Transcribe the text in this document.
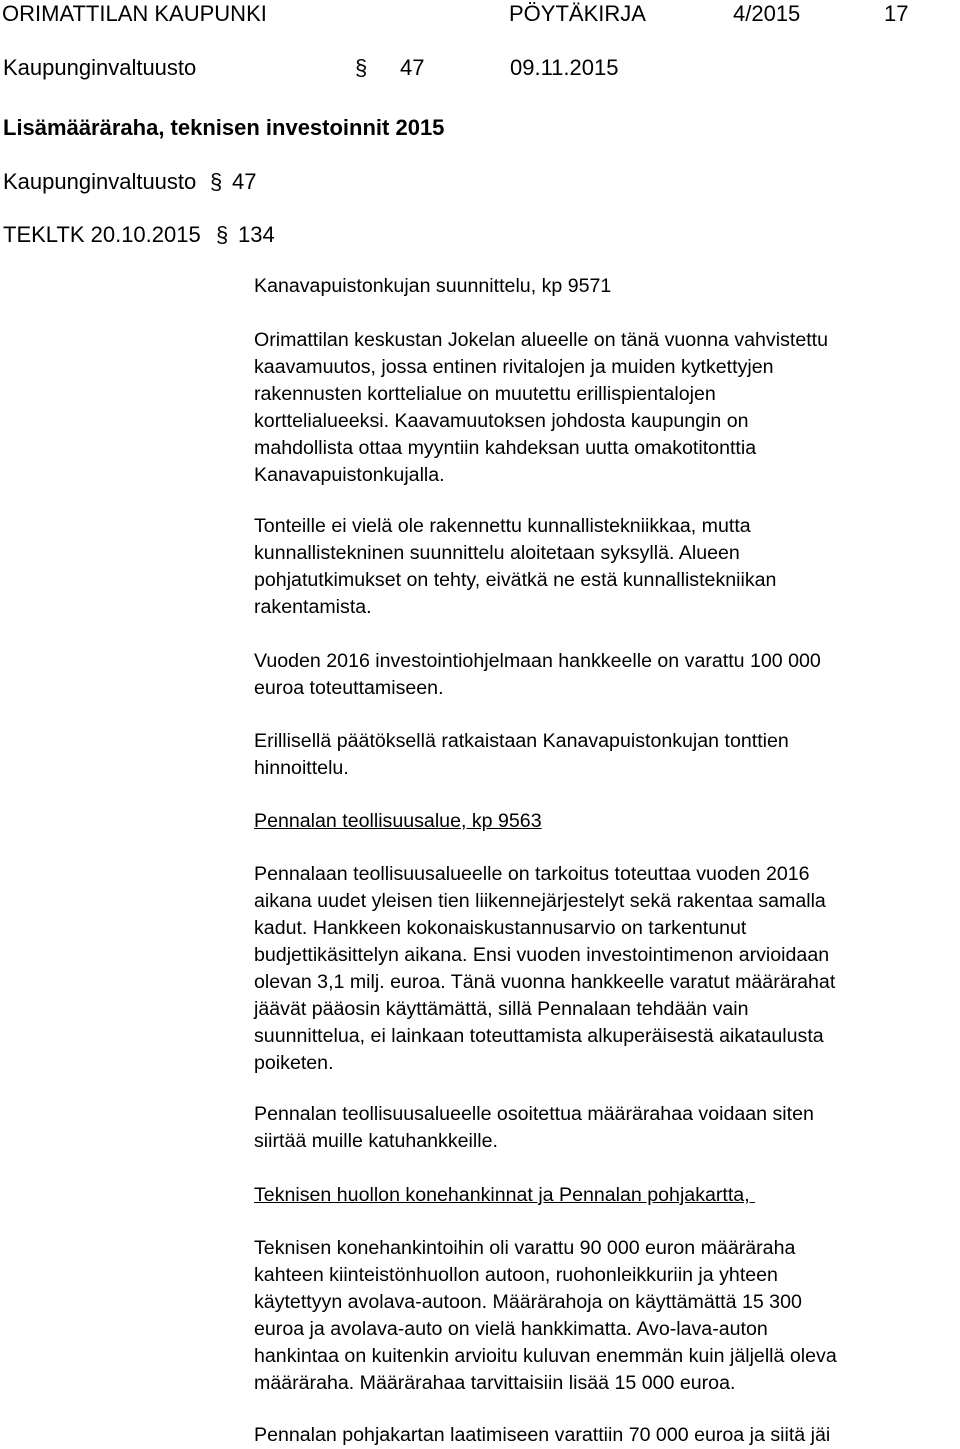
ORIMATTILAN KAUPUNKI	PÖYTÄKIRJA	4/2015	17
Kaupunginvaltuusto	§ 47	09.11.2015
Lisämääräraha, teknisen investoinnit 2015
Kaupunginvaltuusto § 47
TEKLTK 20.10.2015 § 134

Kanavapuistonkujan suunnittelu, kp 9571

Orimattilan keskustan Jokelan alueelle on tänä vuonna vahvistettu
kaavamuutos, jossa entinen rivitalojen ja muiden kytkettyjen
rakennusten korttelialue on muutettu erillispientalojen
korttelialueeksi. Kaavamuutoksen johdosta kaupungin on
mahdollista ottaa myyntiin kahdeksan uutta omakotitonttia
Kanavapuistonkujalla.

Tonteille ei vielä ole rakennettu kunnallistekniikkaa, mutta
kunnallistekninen suunnittelu aloitetaan syksyllä. Alueen
pohjatutkimukset on tehty, eivätkä ne estä kunnallistekniikan
rakentamista.

Vuoden 2016 investointiohjelmaan hankkeelle on varattu 100 000
euroa toteuttamiseen.

Erillisellä päätöksellä ratkaistaan Kanavapuistonkujan tonttien
hinnoittelu.

Pennalan teollisuusalue, kp 9563

Pennalaan teollisuusalueelle on tarkoitus toteuttaa vuoden 2016
aikana uudet yleisen tien liikennejärjestelyt sekä rakentaa samalla
kadut. Hankkeen kokonaiskustannusarvio on tarkentunut
budjettikäsittelyn aikana. Ensi vuoden investointimenon arvioidaan
olevan 3,1 milj. euroa. Tänä vuonna hankkeelle varatut määrärahat
jäävät pääosin käyttämättä, sillä Pennalaan tehdään vain
suunnittelua, ei lainkaan toteuttamista alkuperäisestä aikataulusta
poiketen.

Pennalan teollisuusalueelle osoitettua määrärahaa voidaan siten
siirtää muille katuhankkeille.

Teknisen huollon konehankinnat ja Pennalan pohjakartta,

Teknisen konehankintoihin oli varattu 90 000 euron määräraha
kahteen kiinteistönhuollon autoon, ruohonleikkuriin ja yhteen
käytettyyn avolava-autoon. Määrärahoja on käyttämättä 15 300
euroa ja avolava-auto on vielä hankkimatta. Avo-lava-auton
hankintaa on kuitenkin arvioitu kuluvan enemmän kuin jäljellä oleva
määräraha. Määrärahaa tarvittaisiin lisää 15 000 euroa.

Pennalan pohjakartan laatimiseen varattiin 70 000 euroa ja siitä jäi
